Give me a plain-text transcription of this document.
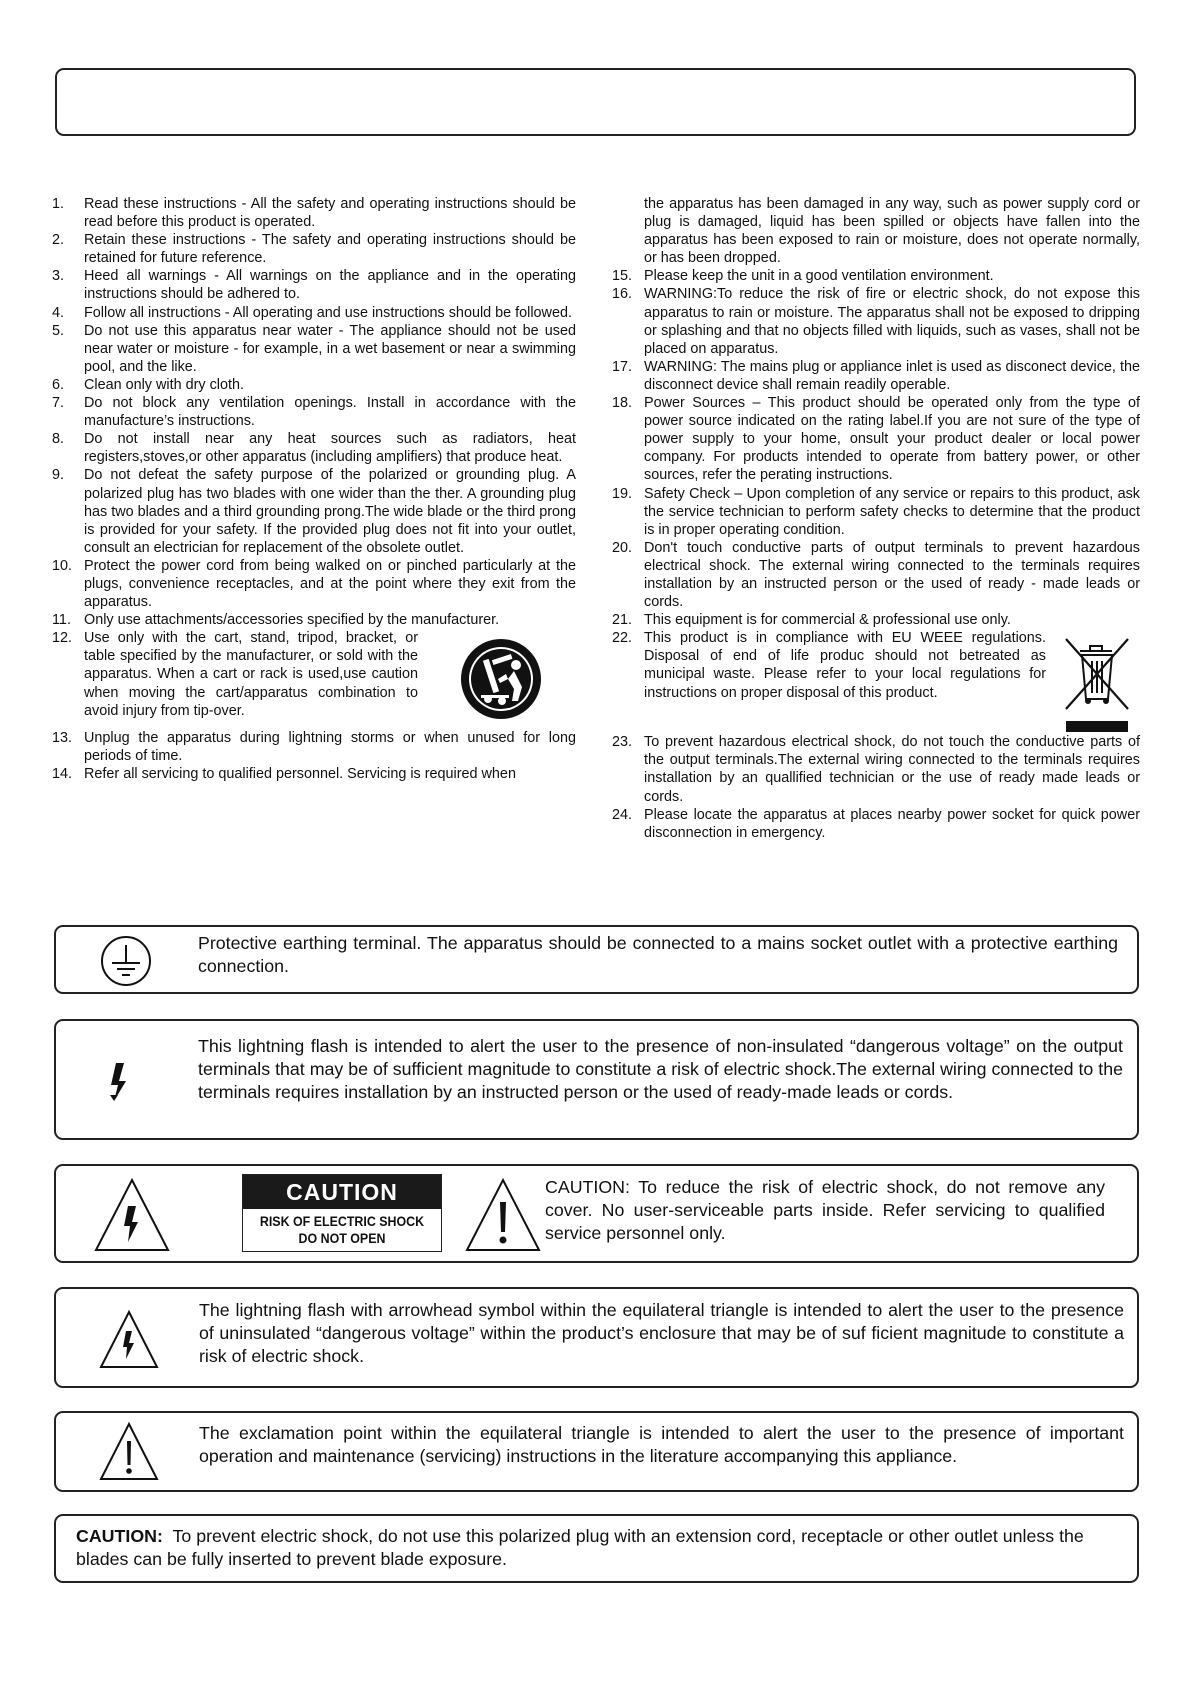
1.	Read these instructions - All the safety and operating instructions should be read before this product is operated.
2.	Retain these instructions - The safety and operating instructions should be retained for future reference.
3.	Heed all warnings - All warnings on the appliance and in the operating instructions should be adhered to.
4.	Follow all instructions - All operating and use instructions should be followed.
5.	Do not use this apparatus near water - The appliance should not be used near water or moisture - for example, in a wet basement or near a swimming pool, and the like.
6.	Clean only with dry cloth.
7.	Do not block any ventilation openings. Install in accordance with the manufacture’s instructions.
8.	Do not install near any heat sources such as radiators, heat registers,stoves,or other apparatus (including amplifiers) that produce heat.
9.	Do not defeat the safety purpose of the polarized or grounding plug. A polarized plug has two blades with one wider than the ther. A grounding plug has two blades and a third grounding prong.The wide blade or the third prong is provided for your safety. If the provided plug does not fit into your outlet, consult an electrician for replacement of the obsolete outlet.
10. Protect the power cord from being walked on or pinched particularly at the plugs, convenience receptacles, and at the point where they exit from the apparatus.
11. Only use attachments/accessories specified by the manufacturer.
12. Use only with the cart, stand, tripod, bracket, or table specified by the manufacturer, or sold with the apparatus. When a cart or rack is used,use caution when moving the cart/apparatus combination to avoid injury from tip-over.
13. Unplug the apparatus during lightning storms or when unused for long periods of time.
14. Refer all servicing to qualified personnel. Servicing is required when
the apparatus has been damaged in any way, such as power supply cord or plug is damaged, liquid has been spilled or objects have fallen into the apparatus has been exposed to rain or moisture, does not operate normally, or has been dropped.
15. Please keep the unit in a good ventilation environment.
16. WARNING:To reduce the risk of fire or electric shock, do not expose this apparatus to rain or moisture. The apparatus shall not be exposed to dripping or splashing and that no objects filled with liquids, such as vases, shall not be placed on apparatus.
17. WARNING: The mains plug or appliance inlet is used as disconect device, the disconnect device shall remain readily operable.
18. Power Sources – This product should be operated only from the type of power source indicated on the rating label.If you are not sure of the type of power supply to your home, onsult your product dealer or local power company. For products intended to operate from battery power, or other sources, refer the perating instructions.
19. Safety Check – Upon completion of any service or repairs to this product, ask the service technician to perform safety checks to determine that the product is in proper operating condition.
20. Don't touch conductive parts of output terminals to prevent hazardous electrical shock. The external wiring connected to the terminals requires installation by an instructed person or the used of ready - made leads or cords.
21. This equipment is for commercial & professional use only.
22. This product is in compliance with EU WEEE regulations. Disposal of end of life produc should not betreated as municipal waste. Please refer to your local regulations for instructions on proper disposal of this product.
23. To prevent hazardous electrical shock, do not touch the conductive parts of the output terminals.The external wiring connected to the terminals requires installation by an quallified technician or the use of ready made leads or cords.
24. Please locate the apparatus at places nearby power socket for quick power disconnection in emergency.
Protective earthing terminal. The apparatus should be connected to a mains socket outlet with a protective earthing connection.
This lightning flash is intended to alert the user to the presence of non-insulated “dangerous voltage” on the output terminals that may be of sufficient magnitude to constitute a risk of electric shock.The external wiring connected to the terminals requires installation by an instructed person or the used of ready-made leads or cords.
CAUTION
RISK OF ELECTRIC SHOCK
DO NOT OPEN
CAUTION: To reduce the risk of electric shock, do not remove any cover. No user-serviceable parts inside. Refer servicing to qualified service personnel only.
The lightning flash with arrowhead symbol within the equilateral triangle is intended to alert the user to the presence of uninsulated “dangerous voltage” within the product’s enclosure that may be of suf ficient magnitude to constitute a risk of electric shock.
The exclamation point within the equilateral triangle is intended to alert the user to the presence of important operation and maintenance (servicing) instructions in the literature accompanying this appliance.
CAUTION: To prevent electric shock, do not use this polarized plug with an extension cord, receptacle or other outlet unless the blades can be fully inserted to prevent blade exposure.
